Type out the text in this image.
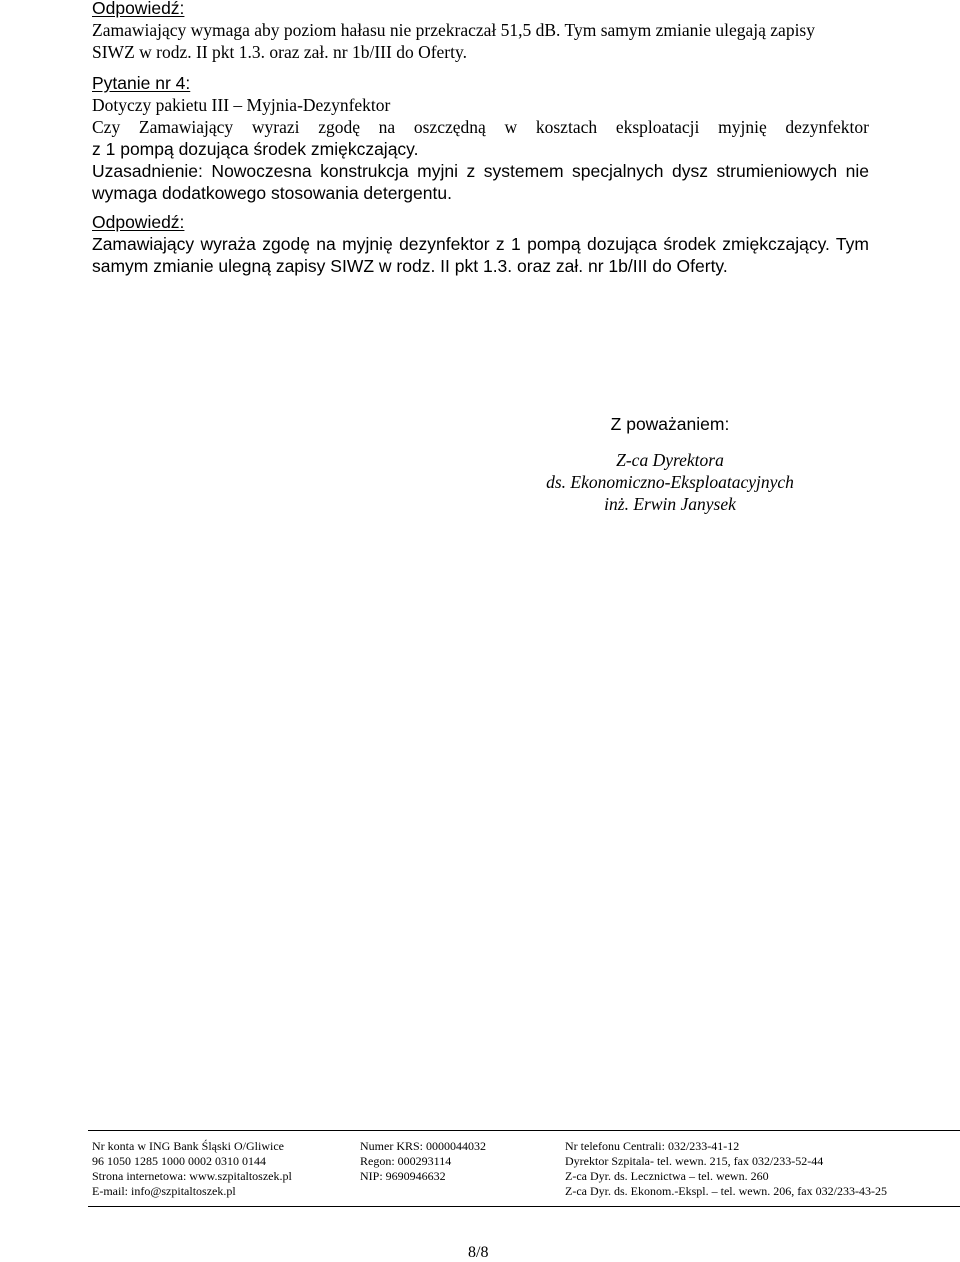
Odpowiedź:
Zamawiający wymaga aby poziom hałasu nie przekraczał 51,5 dB. Tym samym zmianie ulegają zapisy
SIWZ w rodz. II pkt 1.3. oraz zał. nr 1b/III do Oferty.
Pytanie nr 4:
Dotyczy pakietu III – Myjnia-Dezynfektor
Czy Zamawiający wyrazi zgodę na oszczędną w kosztach eksploatacji myjnię dezynfektor
z 1 pompą dozująca środek zmiękczający.
Uzasadnienie: Nowoczesna konstrukcja myjni z systemem specjalnych dysz strumieniowych nie
wymaga dodatkowego stosowania detergentu.
Odpowiedź:
Zamawiający wyraża zgodę na myjnię dezynfektor z 1 pompą dozująca środek zmiękczający. Tym
samym zmianie ulegną zapisy SIWZ w rodz. II pkt 1.3. oraz zał. nr 1b/III do Oferty.
Z poważaniem:
Z-ca Dyrektora
ds. Ekonomiczno-Eksploatacyjnych
inż. Erwin Janysek
Nr konta w ING Bank Śląski O/Gliwice
96 1050 1285 1000 0002 0310 0144
Strona internetowa: www.szpitaltoszek.pl
E-mail: info@szpitaltoszek.pl
Numer KRS: 0000044032
Regon: 000293114
NIP: 9690946632
Nr telefonu Centrali: 032/233-41-12
Dyrektor Szpitala- tel. wewn. 215, fax 032/233-52-44
Z-ca Dyr. ds. Lecznictwa – tel. wewn. 260
Z-ca Dyr. ds. Ekonom.-Ekspl. – tel. wewn. 206, fax 032/233-43-25
8/8
